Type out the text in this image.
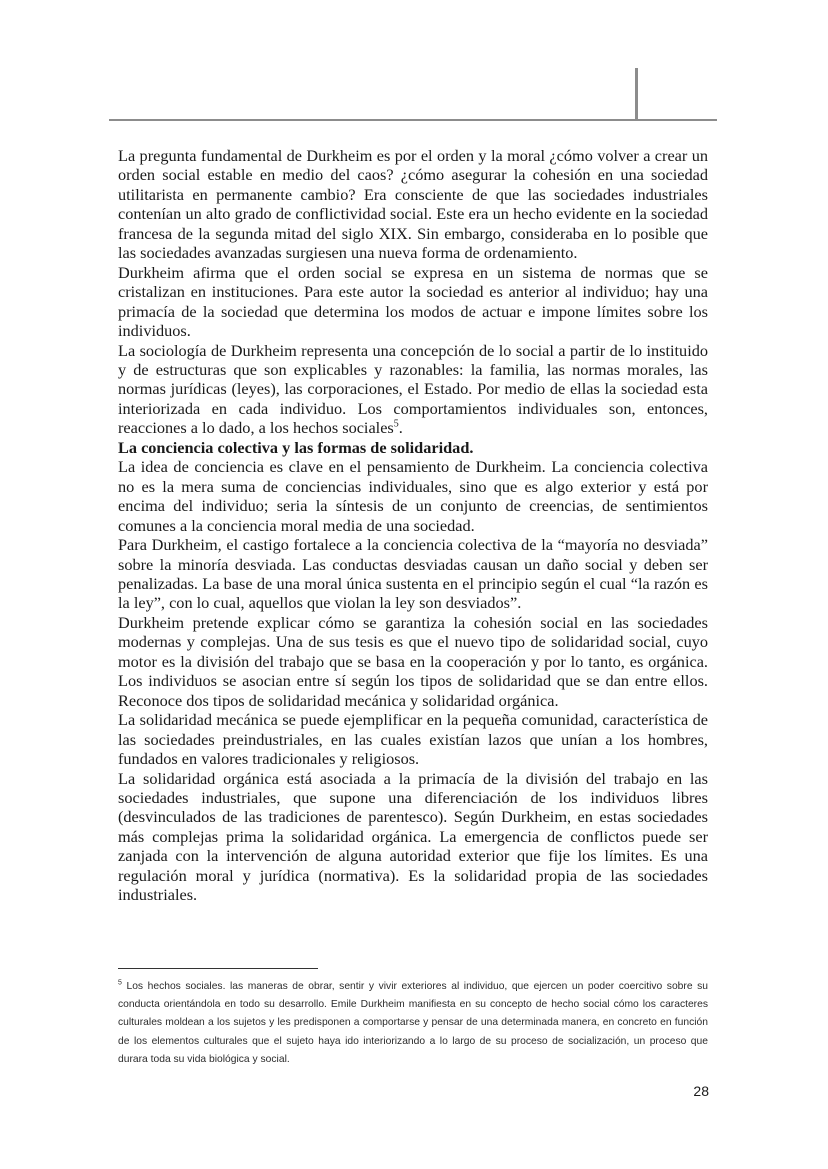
La pregunta fundamental de Durkheim es por el orden y la moral ¿cómo volver a crear un orden social estable en medio del caos? ¿cómo asegurar la cohesión en una sociedad utilitarista en permanente cambio? Era consciente de que las sociedades industriales contenían un alto grado de conflictividad social. Este era un hecho evidente en la sociedad francesa de la segunda mitad del siglo XIX. Sin embargo, consideraba en lo posible que las sociedades avanzadas surgiesen una nueva forma de ordenamiento.

Durkheim afirma que el orden social se expresa en un sistema de normas que se cristalizan en instituciones. Para este autor la sociedad es anterior al individuo; hay una primacía de la sociedad que determina los modos de actuar e impone límites sobre los individuos.

La sociología de Durkheim representa una concepción de lo social a partir de lo instituido y de estructuras que son explicables y razonables: la familia, las normas morales, las normas jurídicas (leyes), las corporaciones, el Estado. Por medio de ellas la sociedad esta interiorizada en cada individuo. Los comportamientos individuales son, entonces, reacciones a lo dado, a los hechos sociales$^5$.

La conciencia colectiva y las formas de solidaridad.

La idea de conciencia es clave en el pensamiento de Durkheim. La conciencia colectiva no es la mera suma de conciencias individuales, sino que es algo exterior y está por encima del individuo; seria la síntesis de un conjunto de creencias, de sentimientos comunes a la conciencia moral media de una sociedad.

Para Durkheim, el castigo fortalece a la conciencia colectiva de la “mayoría no desviada” sobre la minoría desviada. Las conductas desviadas causan un daño social y deben ser penalizadas. La base de una moral única sustenta en el principio según el cual “la razón es la ley”, con lo cual, aquellos que violan la ley son desviados”.

Durkheim pretende explicar cómo se garantiza la cohesión social en las sociedades modernas y complejas. Una de sus tesis es que el nuevo tipo de solidaridad social, cuyo motor es la división del trabajo que se basa en la cooperación y por lo tanto, es orgánica. Los individuos se asocian entre sí según los tipos de solidaridad que se dan entre ellos. Reconoce dos tipos de solidaridad mecánica y solidaridad orgánica.

La solidaridad mecánica se puede ejemplificar en la pequeña comunidad, característica de las sociedades preindustriales, en las cuales existían lazos que unían a los hombres, fundados en valores tradicionales y religiosos.

La solidaridad orgánica está asociada a la primacía de la división del trabajo en las sociedades industriales, que supone una diferenciación de los individuos libres (desvinculados de las tradiciones de parentesco). Según Durkheim, en estas sociedades más complejas prima la solidaridad orgánica. La emergencia de conflictos puede ser zanjada con la intervención de alguna autoridad exterior que fije los límites. Es una regulación moral y jurídica (normativa). Es la solidaridad propia de las sociedades industriales.

$^5$ Los hechos sociales. las maneras de obrar, sentir y vivir exteriores al individuo, que ejercen un poder coercitivo sobre su conducta orientándola en todo su desarrollo. Emile Durkheim manifiesta en su concepto de hecho social cómo los caracteres culturales moldean a los sujetos y les predisponen a comportarse y pensar de una determinada manera, en concreto en función de los elementos culturales que el sujeto haya ido interiorizando a lo largo de su proceso de socialización, un proceso que durara toda su vida biológica y social.

28
